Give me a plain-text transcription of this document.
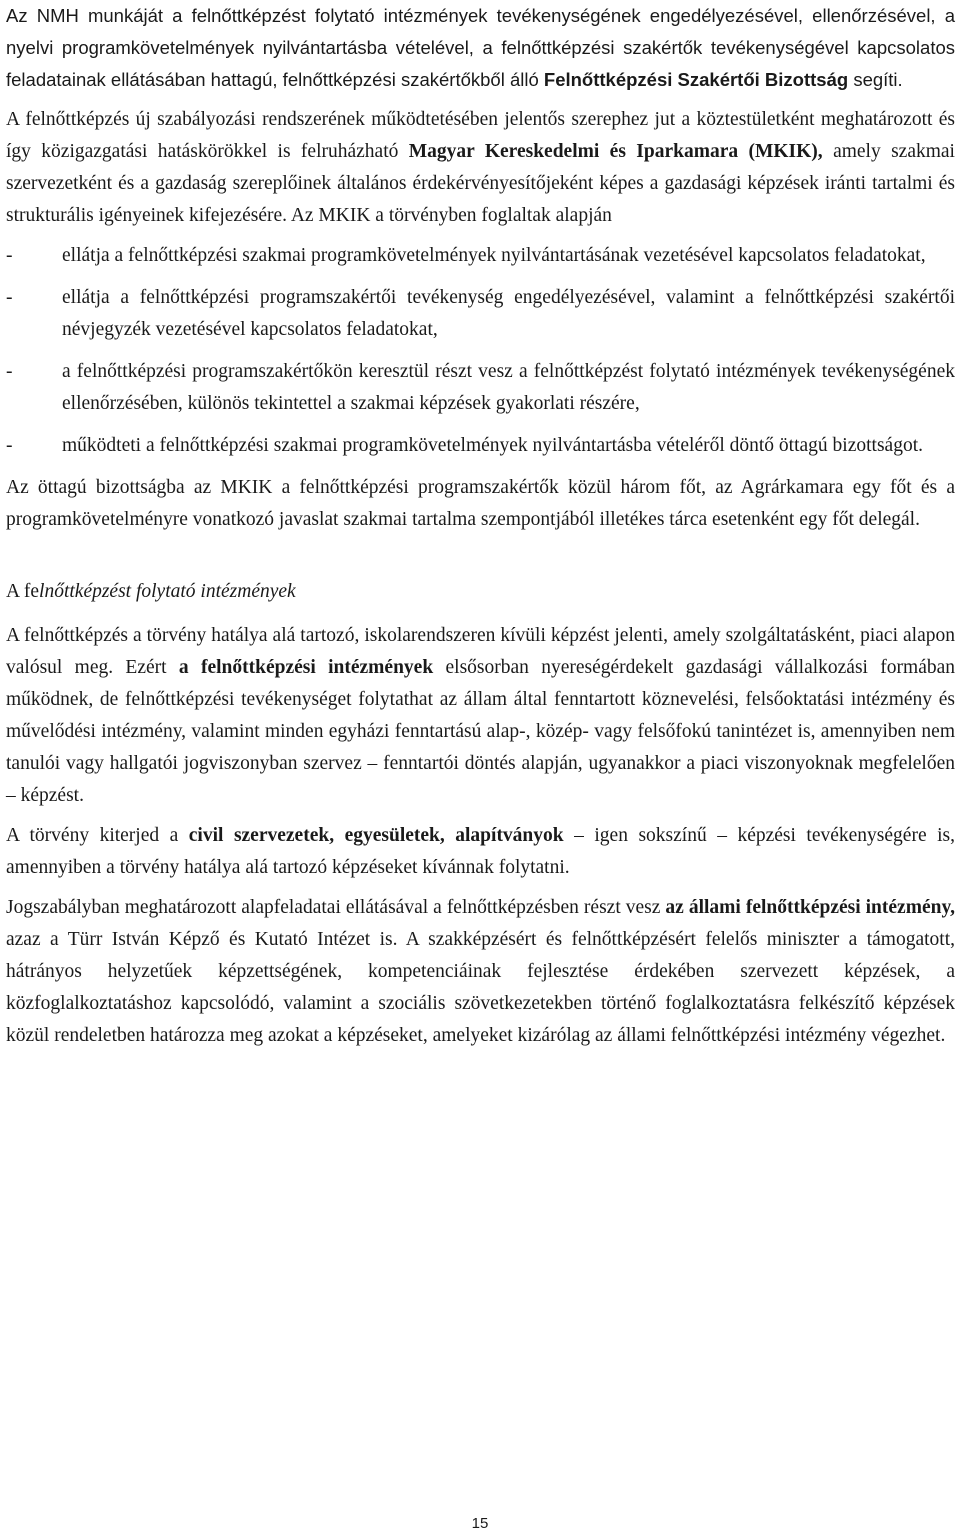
Az NMH munkáját a felnőttképzést folytató intézmények tevékenységének engedélyezésével, ellenőrzésével, a nyelvi programkövetelmények nyilvántartásba vételével, a felnőttképzési szakértők tevékenységével kapcsolatos feladatainak ellátásában hattagú, felnőttképzési szakértőkből álló Felnőttképzési Szakértői Bizottság segíti.

A felnőttképzés új szabályozási rendszerének működtetésében jelentős szerephez jut a köztestületként meghatározott és így közigazgatási hatáskörökkel is felruházható Magyar Kereskedelmi és Iparkamara (MKIK), amely szakmai szervezetként és a gazdaság szereplőinek általános érdekérvényesítőjeként képes a gazdasági képzések iránti tartalmi és strukturális igényeinek kifejezésére. Az MKIK a törvényben foglaltak alapján

-	ellátja a felnőttképzési szakmai programkövetelmények nyilvántartásának vezetésével kapcsolatos feladatokat,
-	ellátja a felnőttképzési programszakértői tevékenység engedélyezésével, valamint a felnőttképzési szakértői névjegyzék vezetésével kapcsolatos feladatokat,
-	a felnőttképzési programszakértőkön keresztül részt vesz a felnőttképzést folytató intézmények tevékenységének ellenőrzésében, különös tekintettel a szakmai képzések gyakorlati részére,
-	működteti a felnőttképzési szakmai programkövetelmények nyilvántartásba vételéről döntő öttagú bizottságot.

Az öttagú bizottságba az MKIK a felnőttképzési programszakértők közül három főt, az Agrárkamara egy főt és a programkövetelményre vonatkozó javaslat szakmai tartalma szempontjából illetékes tárca esetenként egy főt delegál.

A felnőttképzést folytató intézmények

A felnőttképzés a törvény hatálya alá tartozó, iskolarendszeren kívüli képzést jelenti, amely szolgáltatásként, piaci alapon valósul meg. Ezért a felnőttképzési intézmények elsősorban nyereségérdekelt gazdasági vállalkozási formában működnek, de felnőttképzési tevékenységet folytathat az állam által fenntartott köznevelési, felsőoktatási intézmény és művelődési intézmény, valamint minden egyházi fenntartású alap-, közép- vagy felsőfokú tanintézet is, amennyiben nem tanulói vagy hallgatói jogviszonyban szervez – fenntartói döntés alapján, ugyanakkor a piaci viszonyoknak megfelelően – képzést.

A törvény kiterjed a civil szervezetek, egyesületek, alapítványok – igen sokszínű – képzési tevékenységére is, amennyiben a törvény hatálya alá tartozó képzéseket kívánnak folytatni.

Jogszabályban meghatározott alapfeladatai ellátásával a felnőttképzésben részt vesz az állami felnőttképzési intézmény, azaz a Türr István Képző és Kutató Intézet is. A szakképzésért és felnőttképzésért felelős miniszter a támogatott, hátrányos helyzetűek képzettségének, kompetenciáinak fejlesztése érdekében szervezett képzések, a közfoglalkoztatáshoz kapcsolódó, valamint a szociális szövetkezetekben történő foglalkoztatásra felkészítő képzések közül rendeletben határozza meg azokat a képzéseket, amelyeket kizárólag az állami felnőttképzési intézmény végezhet.

15
